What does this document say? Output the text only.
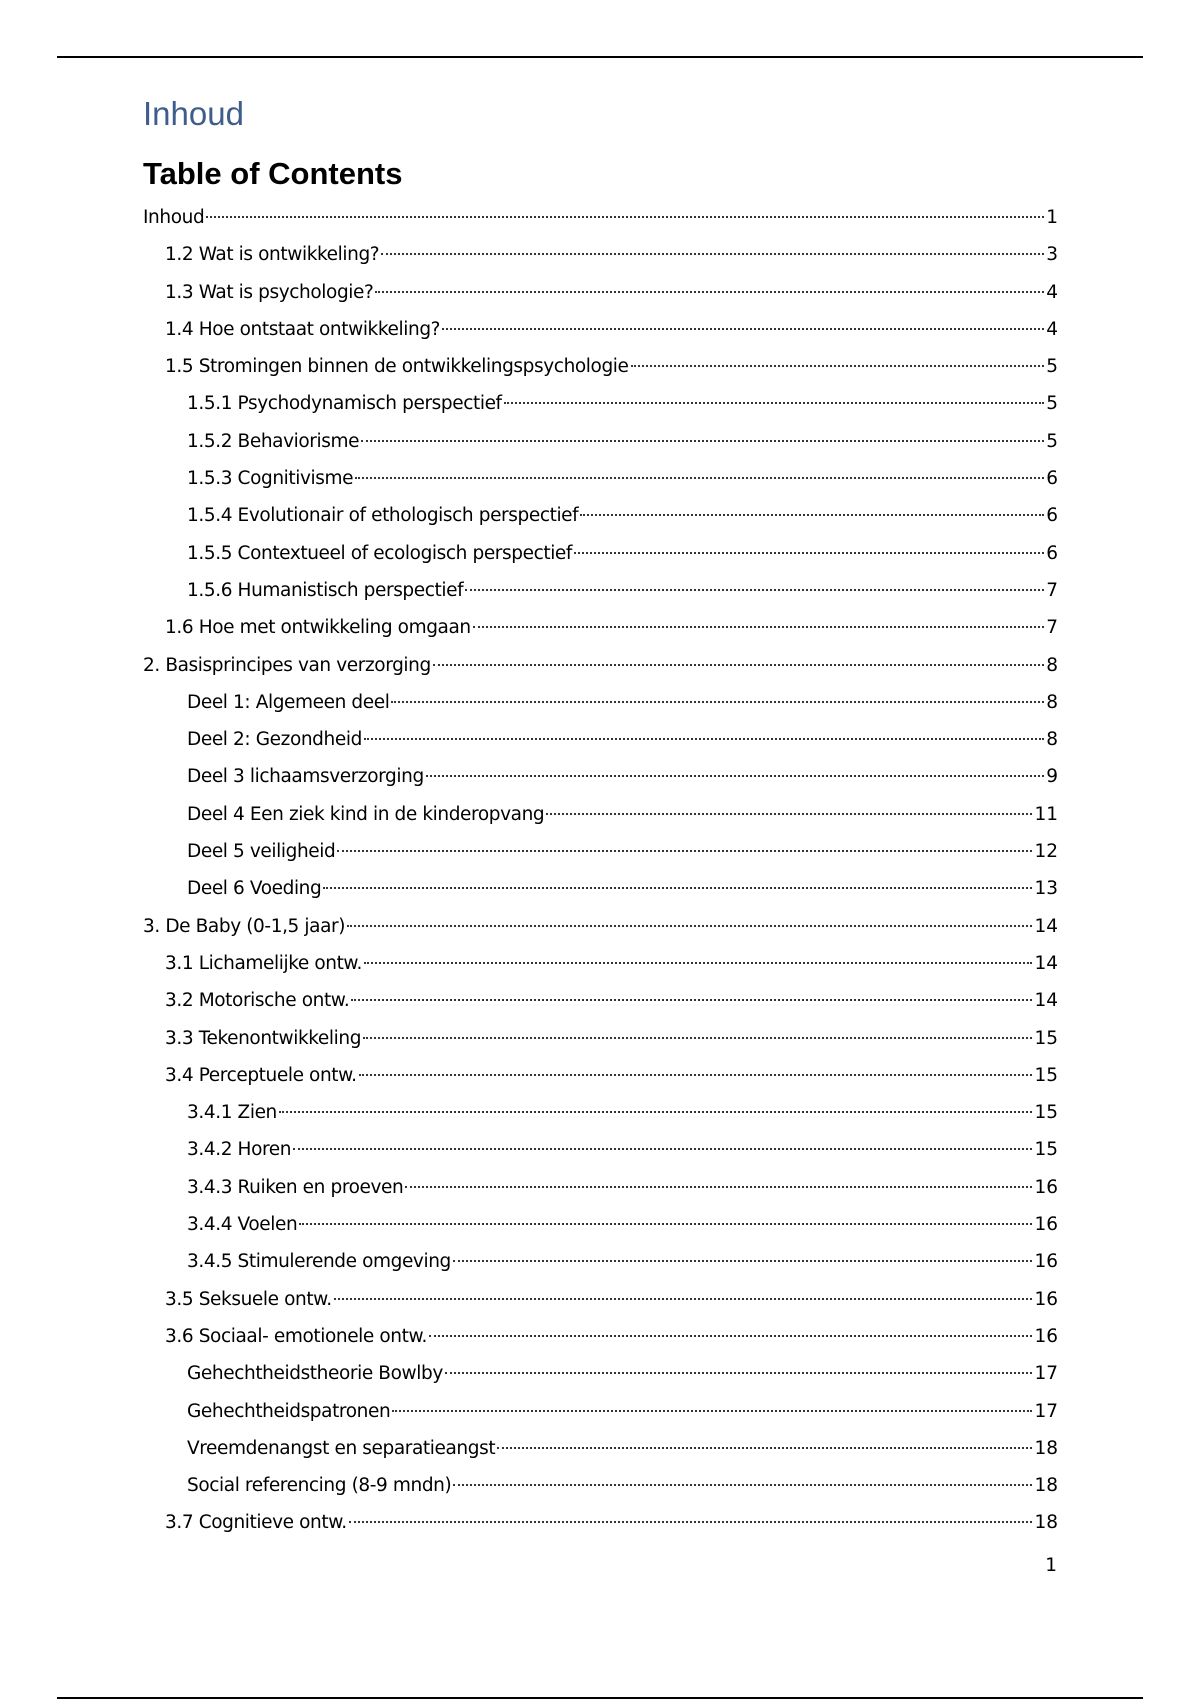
Inhoud
Table of Contents
Inhoud	1
1.2 Wat is ontwikkeling?	3
1.3 Wat is psychologie?	4
1.4 Hoe ontstaat ontwikkeling?	4
1.5 Stromingen binnen de ontwikkelingspsychologie	5
1.5.1 Psychodynamisch perspectief	5
1.5.2 Behaviorisme	5
1.5.3 Cognitivisme	6
1.5.4 Evolutionair of ethologisch perspectief	6
1.5.5 Contextueel of ecologisch perspectief	6
1.5.6 Humanistisch perspectief	7
1.6 Hoe met ontwikkeling omgaan	7
2. Basisprincipes van verzorging	8
Deel 1: Algemeen deel	8
Deel 2: Gezondheid	8
Deel 3 lichaamsverzorging	9
Deel 4 Een ziek kind in de kinderopvang	11
Deel 5 veiligheid	12
Deel 6 Voeding	13
3. De Baby (0-1,5 jaar)	14
3.1 Lichamelijke ontw.	14
3.2 Motorische ontw.	14
3.3 Tekenontwikkeling	15
3.4 Perceptuele ontw.	15
3.4.1 Zien	15
3.4.2 Horen	15
3.4.3 Ruiken en proeven	16
3.4.4 Voelen	16
3.4.5 Stimulerende omgeving	16
3.5 Seksuele ontw.	16
3.6 Sociaal- emotionele ontw.	16
Gehechtheidstheorie Bowlby	17
Gehechtheidspatronen	17
Vreemdenangst en separatieangst	18
Social referencing (8-9 mndn)	18
3.7 Cognitieve ontw.	18
1
